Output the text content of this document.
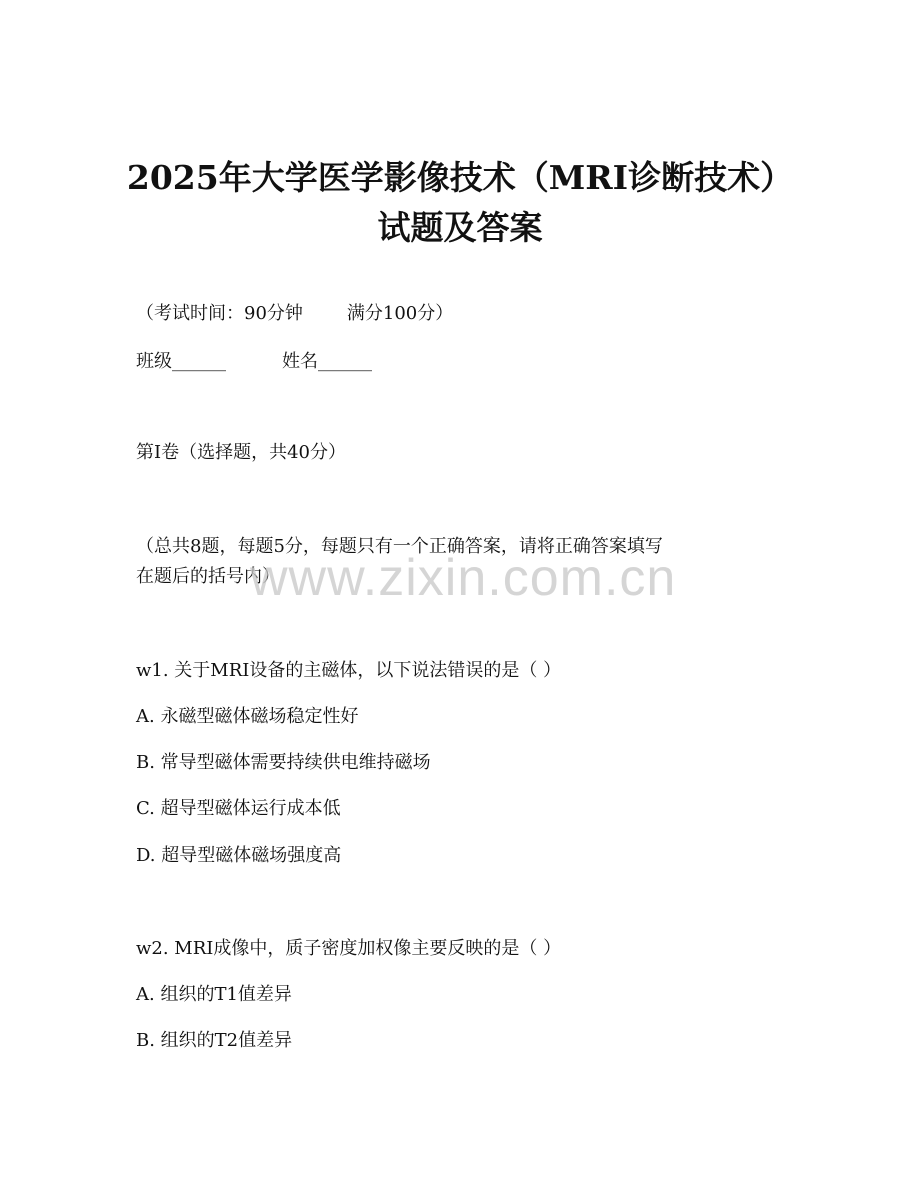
2025年大学医学影像技术（MRI诊断技术）
试题及答案
（考试时间：90分钟 满分100分）
班级______	姓名______
第I卷（选择题，共40分）
（总共8题，每题5分，每题只有一个正确答案，请将正确答案填写
在题后的括号内）
www.zixin.com.cn
w1. 关于MRI设备的主磁体，以下说法错误的是（ ）
A. 永磁型磁体磁场稳定性好
B. 常导型磁体需要持续供电维持磁场
C. 超导型磁体运行成本低
D. 超导型磁体磁场强度高
w2. MRI成像中，质子密度加权像主要反映的是（ ）
A. 组织的T1值差异
B. 组织的T2值差异
